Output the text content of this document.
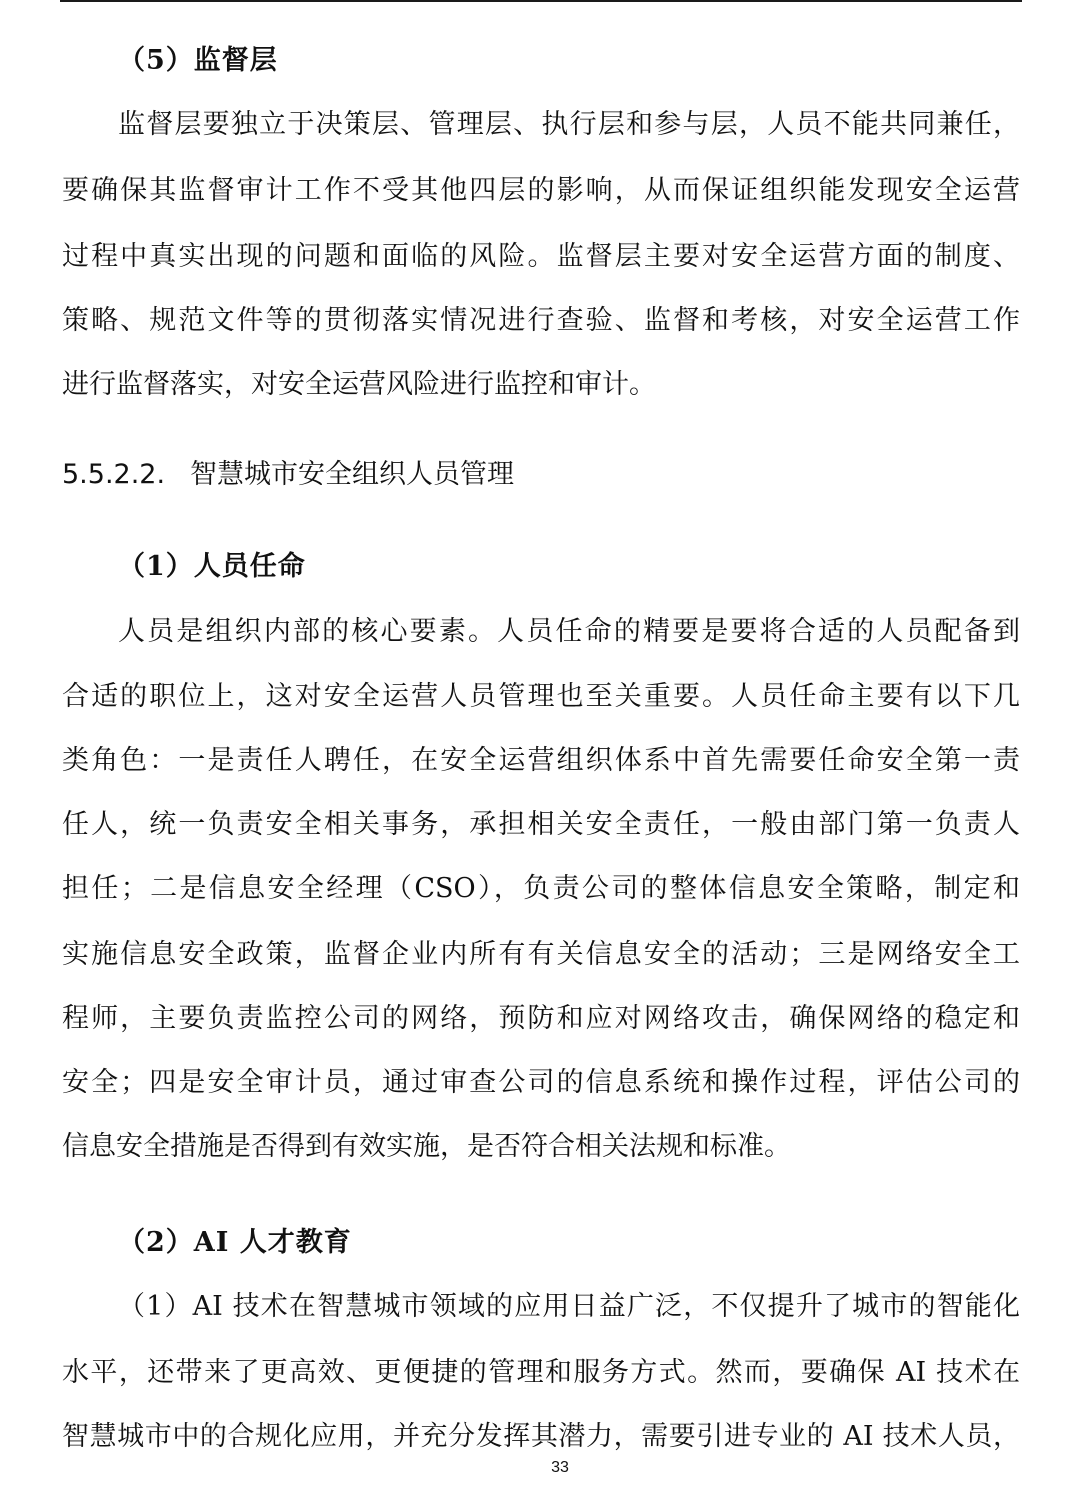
（5）监督层
监督层要独立于决策层、管理层、执行层和参与层，人员不能共同兼任，
要确保其监督审计工作不受其他四层的影响，从而保证组织能发现安全运营
过程中真实出现的问题和面临的风险。监督层主要对安全运营方面的制度、
策略、规范文件等的贯彻落实情况进行查验、监督和考核，对安全运营工作
进行监督落实，对安全运营风险进行监控和审计。
5.5.2.2. 智慧城市安全组织人员管理
（1）人员任命
人员是组织内部的核心要素。人员任命的精要是要将合适的人员配备到
合适的职位上，这对安全运营人员管理也至关重要。人员任命主要有以下几
类角色：一是责任人聘任，在安全运营组织体系中首先需要任命安全第一责
任人，统一负责安全相关事务，承担相关安全责任，一般由部门第一负责人
担任；二是信息安全经理（CSO），负责公司的整体信息安全策略，制定和
实施信息安全政策，监督企业内所有有关信息安全的活动；三是网络安全工
程师，主要负责监控公司的网络，预防和应对网络攻击，确保网络的稳定和
安全；四是安全审计员，通过审查公司的信息系统和操作过程，评估公司的
信息安全措施是否得到有效实施，是否符合相关法规和标准。
（2）AI 人才教育
（1）AI 技术在智慧城市领域的应用日益广泛，不仅提升了城市的智能化
水平，还带来了更高效、更便捷的管理和服务方式。然而，要确保 AI 技术在
智慧城市中的合规化应用，并充分发挥其潜力，需要引进专业的 AI 技术人员，
33
